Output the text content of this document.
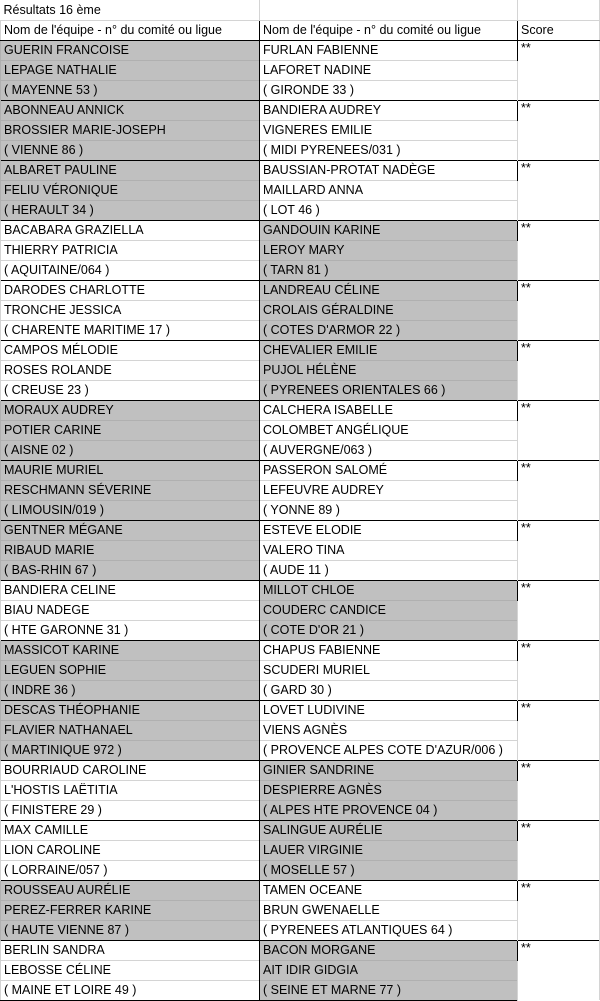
Résultats 16 ème		
Nom de l'équipe - n° du comité ou ligue	Nom de l'équipe - n° du comité ou ligue	Score
GUERIN FRANCOISE	FURLAN FABIENNE	**
LEPAGE NATHALIE	LAFORET NADINE	
( MAYENNE 53 )	( GIRONDE 33 )	
ABONNEAU ANNICK	BANDIERA AUDREY	**
BROSSIER MARIE-JOSEPH	VIGNERES EMILIE	
( VIENNE 86 )	( MIDI PYRENEES/031 )	
ALBARET PAULINE	BAUSSIAN-PROTAT NADÈGE	**
FELIU VÉRONIQUE	MAILLARD ANNA	
( HERAULT 34 )	( LOT 46 )	
BACABARA GRAZIELLA	GANDOUIN KARINE	**
THIERRY PATRICIA	LEROY MARY	
( AQUITAINE/064 )	( TARN 81 )	
DARODES CHARLOTTE	LANDREAU CÉLINE	**
TRONCHE JESSICA	CROLAIS GÉRALDINE	
( CHARENTE MARITIME 17 )	( COTES D'ARMOR 22 )	
CAMPOS MÉLODIE	CHEVALIER EMILIE	**
ROSES ROLANDE	PUJOL HÉLÈNE	
( CREUSE 23 )	( PYRENEES ORIENTALES 66 )	
MORAUX AUDREY	CALCHERA ISABELLE	**
POTIER CARINE	COLOMBET ANGÉLIQUE	
( AISNE 02 )	( AUVERGNE/063 )	
MAURIE MURIEL	PASSERON SALOMÉ	**
RESCHMANN SÉVERINE	LEFEUVRE AUDREY	
( LIMOUSIN/019 )	( YONNE 89 )	
GENTNER MÉGANE	ESTEVE ELODIE	**
RIBAUD MARIE	VALERO TINA	
( BAS-RHIN 67 )	( AUDE 11 )	
BANDIERA CELINE	MILLOT CHLOE	**
BIAU NADEGE	COUDERC CANDICE	
( HTE GARONNE 31 )	( COTE D'OR 21 )	
MASSICOT KARINE	CHAPUS FABIENNE	**
LEGUEN SOPHIE	SCUDERI MURIEL	
( INDRE 36 )	( GARD 30 )	
DESCAS THÉOPHANIE	LOVET LUDIVINE	**
FLAVIER NATHANAEL	VIENS AGNÈS	
( MARTINIQUE 972 )	( PROVENCE ALPES COTE D'AZUR/006 )	
BOURRIAUD CAROLINE	GINIER SANDRINE	**
L'HOSTIS LAËTITIA	DESPIERRE AGNÈS	
( FINISTERE 29 )	( ALPES HTE PROVENCE 04 )	
MAX CAMILLE	SALINGUE AURÉLIE	**
LION CAROLINE	LAUER VIRGINIE	
( LORRAINE/057 )	( MOSELLE 57 )	
ROUSSEAU AURÉLIE	TAMEN OCEANE	**
PEREZ-FERRER KARINE	BRUN GWENAELLE	
( HAUTE VIENNE 87 )	( PYRENEES ATLANTIQUES 64 )	
BERLIN SANDRA	BACON MORGANE	**
LEBOSSE CÉLINE	AIT IDIR GIDGIA	
( MAINE ET LOIRE 49 )	( SEINE ET MARNE 77 )	
